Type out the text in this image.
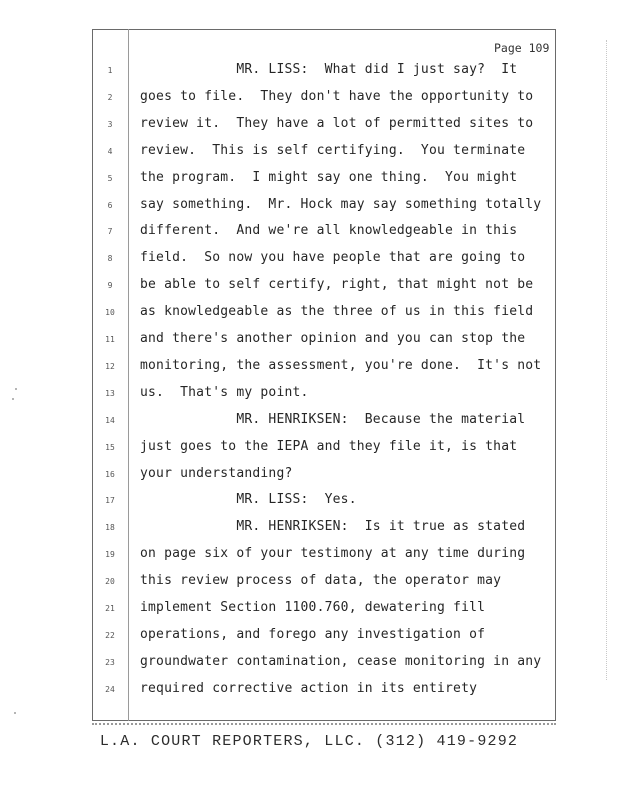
Page 109
1	MR. LISS:  What did I just say?  It
2	goes to file.  They don't have the opportunity to
3	review it.  They have a lot of permitted sites to
4	review.  This is self certifying.  You terminate
5	the program.  I might say one thing.  You might
6	say something.  Mr. Hock may say something totally
7	different.  And we're all knowledgeable in this
8	field.  So now you have people that are going to
9	be able to self certify, right, that might not be
10	as knowledgeable as the three of us in this field
11	and there's another opinion and you can stop the
12	monitoring, the assessment, you're done.  It's not
13	us.  That's my point.
14	MR. HENRIKSEN:  Because the material
15	just goes to the IEPA and they file it, is that
16	your understanding?
17	MR. LISS:  Yes.
18	MR. HENRIKSEN:  Is it true as stated
19	on page six of your testimony at any time during
20	this review process of data, the operator may
21	implement Section 1100.760, dewatering fill
22	operations, and forego any investigation of
23	groundwater contamination, cease monitoring in any
24	required corrective action in its entirety
L.A. COURT REPORTERS, LLC. (312) 419-9292
